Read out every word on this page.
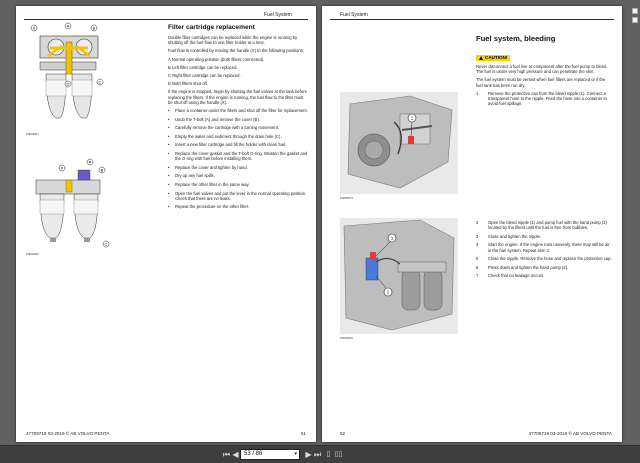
Fuel System
X	A	B
D	C
P0003621
X
A
B
C
P0003622
Filter cartridge replacement

Double filter cartridges can be replaced while the engine is running by shutting off the fuel flow to one filter holder at a time.

Fuel flow is controlled by moving the handle (X) to the following positions;

A Normal operating position (both filters connected).

B Left filter cartridge can be replaced.

C Right filter cartridge can be replaced.

D Both filters shut off.

If the engine is stopped, begin by shutting the fuel valves at the tank before replacing the filters. If the engine is running, the fuel flow to the filter must be shut off using the handle (X).

• Place a container under the filters and shut off the filter for replacement.
• Undo the T-bolt (A) and remove the cover (B).
• Carefully remove the cartridge with a turning movement.
• Empty the water and sediment through the drain hole (C).
• Insert a new filter cartridge and fill the holder with clean fuel.
• Replace the cover gasket and the T-bolt O-ring. Moisten the gasket and the O-ring with fuel before installing them.
• Replace the cover and tighten by hand.
• Dry up any fuel spills.
• Replace the other filter in the same way.
• Open the fuel valves and put the lever in the normal operating position. Check that there are no leaks.
• Repeat the procedure on the other filter.
47709719 03-2019 © AB VOLVO PENTA	51
Fuel System
1
P0003514
1
2
P0003515
Fuel system, bleeding
CAUTION!

Never disconnect a fuel line or component after the fuel pump to bleed. The fuel is under very high pressure and can penetrate the skin.

The fuel system must be vented when fuel filters are replaced or if the fuel tank has been run dry.

1 Remove the protective cap from the bleed nipple (1). Connect a transparent hose to the nipple. Feed the hose into a container to avoid fuel spillage.
2 Open the bleed nipple (1) and pump fuel with the hand pump (2) located by the filters until the fuel is free from bubbles.
3 Close and tighten the nipple.
4 Start the engine. If the engine runs unevenly, there may still be air in the fuel system. Repeat item 2.
5 Close the nipple. Remove the hose and replace the protective cap.
6 Press down and tighten the hand pump (2).
7 Check that no leakage occurs.
52	47709719 03-2019 © AB VOLVO PENTA
⏮ ◀ 53 / 86	▾ ▶ ⏭ ▯ ▯▯
